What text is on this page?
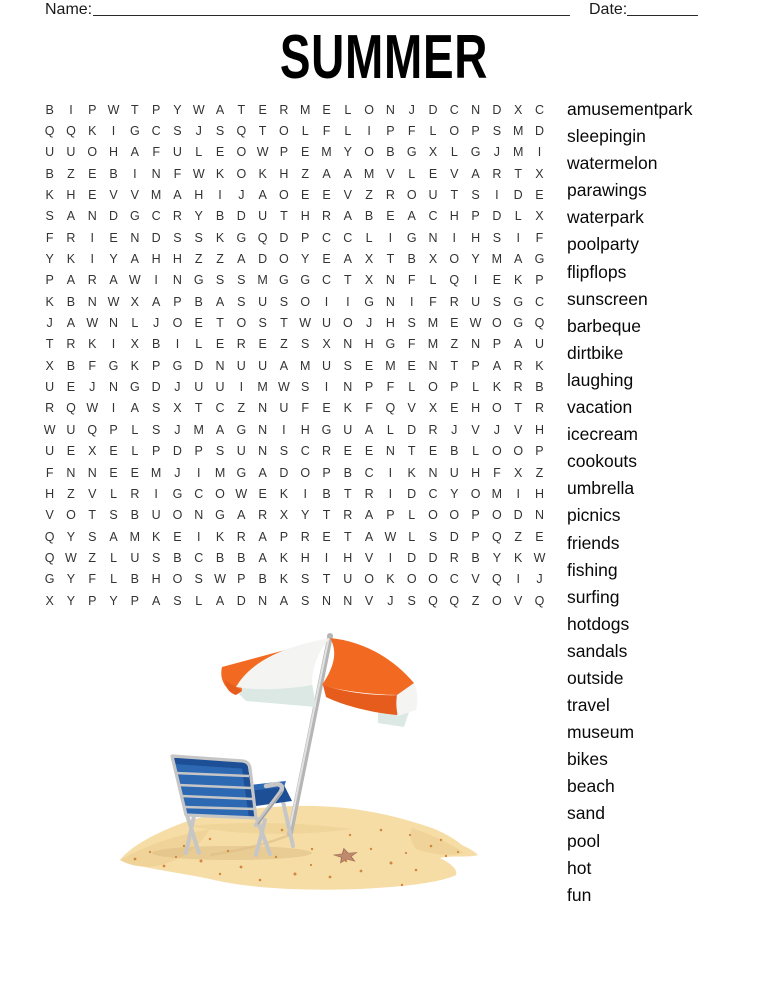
Name:	Date:
SUMMER
B	I	P W T	P	Y W A	T	E	R M E	L	O N	J	D C N D	X	C
Q Q K	I	G C	S	J	S Q	T	O	L	F	L	I	P	F	L	O P	S M D
U U O H	A	F	U	L	E O W P	E M Y O B G X	L	G	J	M	I
B	Z	E	B	I	N	F W K O K	H	Z	A	A M V	L	E	V	A	R	T	X
K	H	E	V	V M A	H	I	J	A O E	E	V	Z	R O U	T	S	I	D	E
S	A	N D G C R	Y	B	D U	T	H R	A	B	E	A	C H	P	D	L	X
F	R	I	E	N D	S	S	K G Q D	P	C C	L	I	G N	I	H	S	I	F
Y	K	I	Y	A	H H	Z	Z	A	D O Y	E	A	X	T	B	X O Y M A G
P	A	R	A W	I	N G S	S M G G C	T	X	N	F	L	Q	I	E	K	P
K	B	N W X	A	P	B	A	S	U	S O	I	I	G N	I	F	R U	S G C
J	A W N	L	J	O E	T	O S	T W U O	J	H	S M E W O G Q
T	R	K	I	X	B	I	L	E	R	E	Z	S	X	N H G	F M Z	N	P	A	U
X	B	F	G K	P G D N U U	A M U	S	E M E	N	T	P	A	R	K
U	E	J	N G D	J	U U	I	M W S	I	N	P	F	L	O P	L	K	R	B
R Q W	I	A	S	X	T	C	Z	N U	F	E	K	F	Q V	X	E	H O	T	R
W U Q P	L	S	J	M A G N	I	H G U	A	L	D R	J	V	J	V	H
U	E	X	E	L	P	D	P	S	U N	S	C R	E	E	N	T	E	B	L	O O P
F	N N	E	E M	J	I	M G A	D O P	B	C	I	K	N U H	F	X	Z
H	Z	V	L	R	I	G C O W E	K	I	B	T	R	I	D C	Y O M	I	H
V O	T	S	B	U O N G A	R	X	Y	T	R	A	P	L	O O P O D N
Q Y	S	A M K	E	I	K	R	A	P	R	E	T	A W L	S	D	P Q	Z	E
Q W Z	L	U	S	B	C	B	B	A	K	H	I	H	V	I	D D R	B	Y	K W
G Y	F	L	B	H O S W P	B	K	S	T	U O K O O C	V Q	I	J
X	Y	P	Y	P	A	S	L	A	D N	A	S	N N	V	J	S Q Q	Z	O V Q
amusementpark
sleepingin
watermelon
parawings
waterpark
poolparty
flipflops
sunscreen
barbeque
dirtbike
laughing
vacation
icecream
cookouts
umbrella
picnics
friends
fishing
surfing
hotdogs
sandals
outside
travel
museum
bikes
beach
sand
pool
hot
fun
